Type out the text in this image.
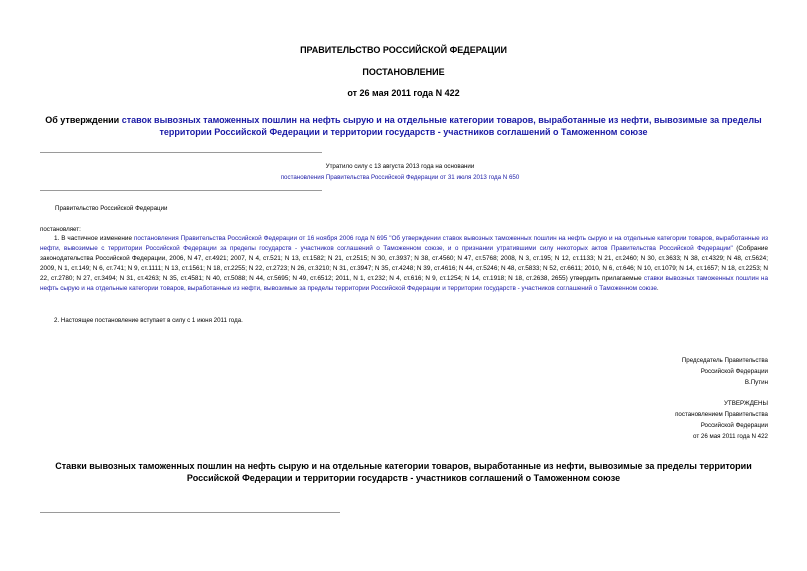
ПРАВИТЕЛЬСТВО РОССИЙСКОЙ ФЕДЕРАЦИИ
ПОСТАНОВЛЕНИЕ
от 26 мая 2011 года N 422
Об утверждении ставок вывозных таможенных пошлин на нефть сырую и на отдельные категории товаров, выработанные из нефти, вывозимые за пределы
территории Российской Федерации и территории государств - участников соглашений о Таможенном союзе
Утратило силу с 13 августа 2013 года на основании
постановления Правительства Российской Федерации от 31 июля 2013 года N 650
Правительство Российской Федерации
постановляет:
1. В частичное изменение постановления Правительства Российской Федерации от 16 ноября 2006 года N 695 "Об утверждении ставок вывозных таможенных пошлин на нефть сырую и на отдельные категории товаров, выработанные из нефти, вывозимые с территории Российской Федерации за пределы государств - участников соглашений о Таможенном союзе, и о признании утратившими силу некоторых актов Правительства Российской Федерации" (Собрание законодательства Российской Федерации, 2006, N 47, ст.4921; 2007, N 4, ст.521; N 13, ст.1582; N 21, ст.2515; N 30, ст.3937; N 38, ст.4560; N 47, ст.5768; 2008, N 3, ст.195; N 12, ст.1133; N 21, ст.2460; N 30, ст.3633; N 38, ст.4329; N 48, ст.5624; 2009, N 1, ст.149; N 6, ст.741; N 9, ст.1111; N 13, ст.1561; N 18, ст.2255; N 22, ст.2723; N 26, ст.3210; N 31, ст.3947; N 35, ст.4248; N 39, ст.4616; N 44, ст.5246; N 48, ст.5833; N 52, ст.6611; 2010, N 6, ст.646; N 10, ст.1079; N 14, ст.1657; N 18, ст.2253; N 22, ст.2780; N 27, ст.3494; N 31, ст.4263; N 35, ст.4581; N 40, ст.5088; N 44, ст.5695; N 49, ст.6512; 2011, N 1, ст.232; N 4, ст.616; N 9, ст.1254; N 14, ст.1918; N 18, ст.2638, 2655) утвердить прилагаемые ставки вывозных таможенных пошлин на нефть сырую и на отдельные категории товаров, выработанные из нефти, вывозимые за пределы территории Российской Федерации и территории государств - участников соглашений о Таможенном союзе.
2. Настоящее постановление вступает в силу с 1 июня 2011 года.
Председатель Правительства
Российской Федерации
В.Путин
УТВЕРЖДЕНЫ
постановлением Правительства
Российской Федерации
от 26 мая 2011 года N 422
Ставки вывозных таможенных пошлин на нефть сырую и на отдельные категории товаров, выработанные из нефти, вывозимые за пределы территории
Российской Федерации и территории государств - участников соглашений о Таможенном союзе
